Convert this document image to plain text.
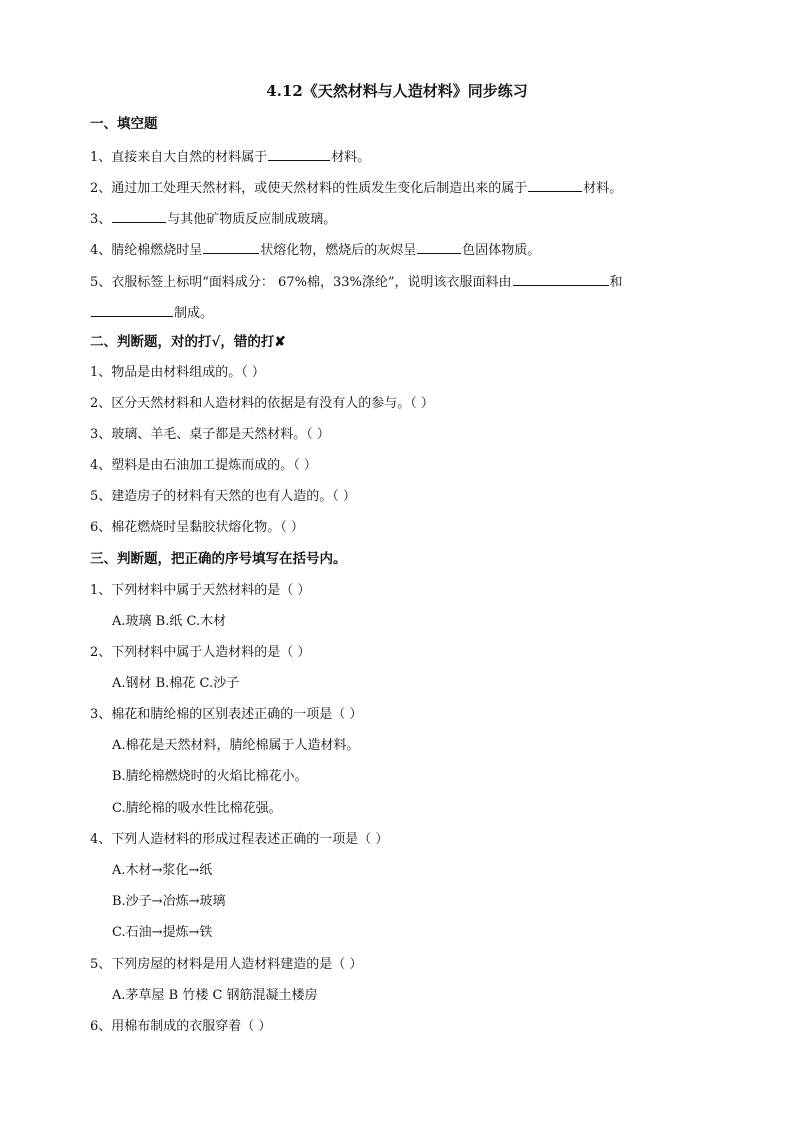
4.12《天然材料与人造材料》同步练习
一、填空题
1、直接来自大自然的材料属于	材料。
2、通过加工处理天然材料，或使天然材料的性质发生变化后制造出来的属于	材料。
3、	与其他矿物质反应制成玻璃。
4、腈纶棉燃烧时呈	状熔化物，燃烧后的灰烬呈	色固体物质。
5、衣服标签上标明“面料成分： 67%棉，33%涤纶”，说明该衣服面料由	和
制成。
二、判断题，对的打√，错的打✘
1、物品是由材料组成的。（ ）
2、区分天然材料和人造材料的依据是有没有人的参与。（ ）
3、玻璃、羊毛、桌子都是天然材料。（ ）
4、塑料是由石油加工提炼而成的。（ ）
5、建造房子的材料有天然的也有人造的。（ ）
6、棉花燃烧时呈黏胶状熔化物。（ ）
三、判断题，把正确的序号填写在括号内。
1、下列材料中属于天然材料的是（ ）
A.玻璃 B.纸 C.木材
2、下列材料中属于人造材料的是（ ）
A.钢材 B.棉花 C.沙子
3、棉花和腈纶棉的区别表述正确的一项是（ ）
A.棉花是天然材料，腈纶棉属于人造材料。
B.腈纶棉燃烧时的火焰比棉花小。
C.腈纶棉的吸水性比棉花强。
4、下列人造材料的形成过程表述正确的一项是（ ）
A.木材→浆化→纸
B.沙子→冶炼→玻璃
C.石油→提炼→铁
5、下列房屋的材料是用人造材料建造的是（ ）
A.茅草屋 B 竹楼 C 钢筋混凝土楼房
6、用棉布制成的衣服穿着（ ）
